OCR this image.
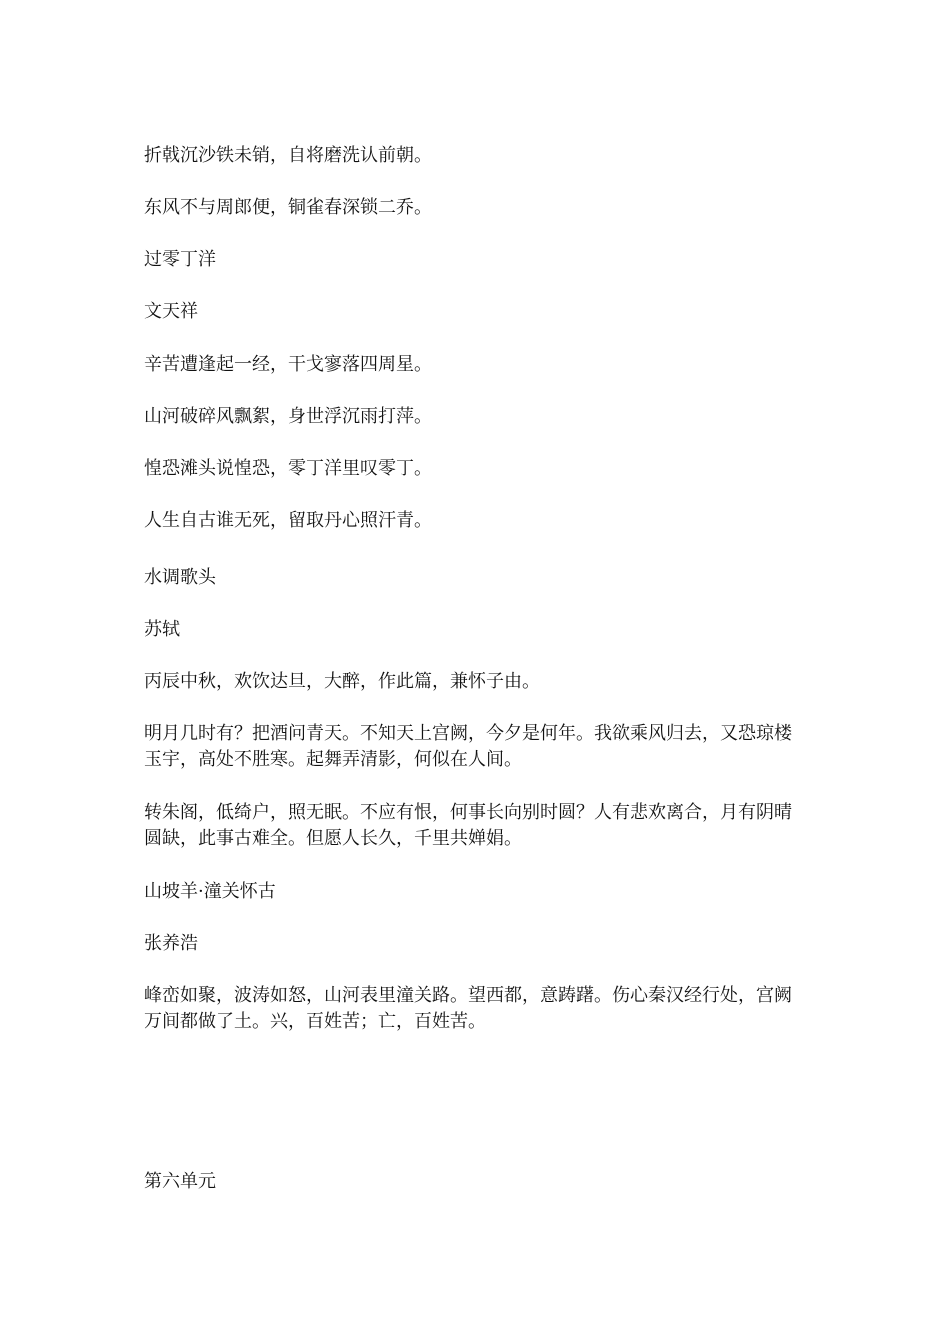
折戟沉沙铁未销，自将磨洗认前朝。

东风不与周郎便，铜雀春深锁二乔。

过零丁洋

文天祥

辛苦遭逢起一经，干戈寥落四周星。

山河破碎风飘絮，身世浮沉雨打萍。

惶恐滩头说惶恐，零丁洋里叹零丁。

人生自古谁无死，留取丹心照汗青。

水调歌头

苏轼

丙辰中秋，欢饮达旦，大醉，作此篇，兼怀子由。

明月几时有？把酒问青天。不知天上宫阙，今夕是何年。我欲乘风归去，又恐琼楼玉宇，高处不胜寒。起舞弄清影，何似在人间。

转朱阁，低绮户，照无眠。不应有恨，何事长向别时圆？人有悲欢离合，月有阴晴圆缺，此事古难全。但愿人长久，千里共婵娟。

山坡羊·潼关怀古

张养浩

峰峦如聚，波涛如怒，山河表里潼关路。望西都，意踌躇。伤心秦汉经行处，宫阙万间都做了土。兴，百姓苦；亡，百姓苦。

第六单元
